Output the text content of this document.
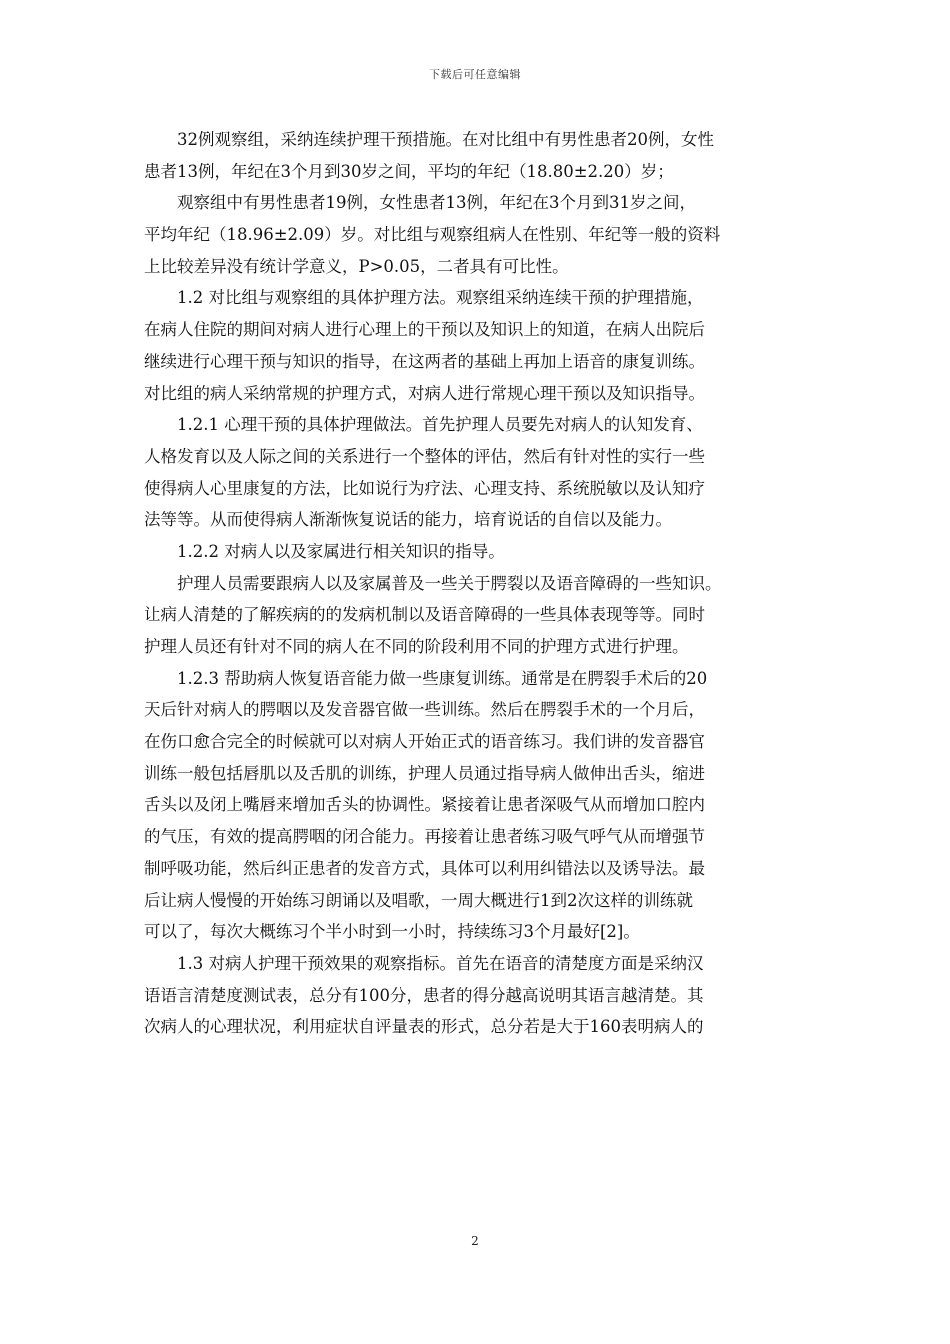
下载后可任意编辑
32例观察组，采纳连续护理干预措施。在对比组中有男性患者20例，女性
患者13例，年纪在3个月到30岁之间，平均的年纪（18.80±2.20）岁；
观察组中有男性患者19例，女性患者13例，年纪在3个月到31岁之间，
平均年纪（18.96±2.09）岁。对比组与观察组病人在性别、年纪等一般的资料
上比较差异没有统计学意义，P>0.05，二者具有可比性。
1.2 对比组与观察组的具体护理方法。观察组采纳连续干预的护理措施，
在病人住院的期间对病人进行心理上的干预以及知识上的知道，在病人出院后
继续进行心理干预与知识的指导，在这两者的基础上再加上语音的康复训练。
对比组的病人采纳常规的护理方式，对病人进行常规心理干预以及知识指导。
1.2.1 心理干预的具体护理做法。首先护理人员要先对病人的认知发育、
人格发育以及人际之间的关系进行一个整体的评估，然后有针对性的实行一些
使得病人心里康复的方法，比如说行为疗法、心理支持、系统脱敏以及认知疗
法等等。从而使得病人渐渐恢复说话的能力，培育说话的自信以及能力。
1.2.2 对病人以及家属进行相关知识的指导。
护理人员需要跟病人以及家属普及一些关于腭裂以及语音障碍的一些知识。
让病人清楚的了解疾病的的发病机制以及语音障碍的一些具体表现等等。同时
护理人员还有针对不同的病人在不同的阶段利用不同的护理方式进行护理。
1.2.3 帮助病人恢复语音能力做一些康复训练。通常是在腭裂手术后的20
天后针对病人的腭咽以及发音器官做一些训练。然后在腭裂手术的一个月后，
在伤口愈合完全的时候就可以对病人开始正式的语音练习。我们讲的发音器官
训练一般包括唇肌以及舌肌的训练，护理人员通过指导病人做伸出舌头，缩进
舌头以及闭上嘴唇来增加舌头的协调性。紧接着让患者深吸气从而增加口腔内
的气压，有效的提高腭咽的闭合能力。再接着让患者练习吸气呼气从而增强节
制呼吸功能，然后纠正患者的发音方式，具体可以利用纠错法以及诱导法。最
后让病人慢慢的开始练习朗诵以及唱歌，一周大概进行1到2次这样的训练就
可以了，每次大概练习个半小时到一小时，持续练习3个月最好[2]。
1.3 对病人护理干预效果的观察指标。首先在语音的清楚度方面是采纳汉
语语言清楚度测试表，总分有100分，患者的得分越高说明其语言越清楚。其
次病人的心理状况，利用症状自评量表的形式，总分若是大于160表明病人的
2
